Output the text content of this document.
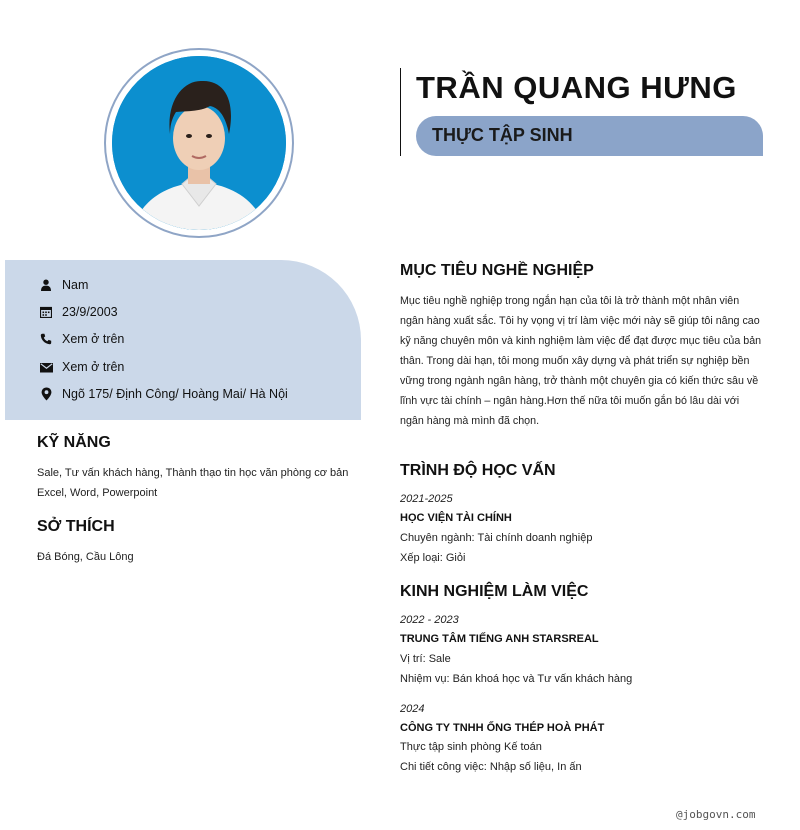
TRẦN QUANG HƯNG
THỰC TẬP SINH
Nam
23/9/2003
Xem ở trên
Xem ở trên
Ngõ 175/ Định Công/ Hoàng Mai/ Hà Nội
KỸ NĂNG
Sale, Tư vấn khách hàng, Thành thạo tin học văn phòng cơ bản Excel, Word, Powerpoint
SỞ THÍCH
Đá Bóng, Cầu Lông
MỤC TIÊU NGHỀ NGHIỆP
Mục tiêu nghề nghiệp trong ngắn hạn của tôi là trở thành một nhân viên ngân hàng xuất sắc. Tôi hy vọng vị trí làm việc mới này sẽ giúp tôi nâng cao kỹ năng chuyên môn và kinh nghiệm làm việc để đạt được mục tiêu của bản thân. Trong dài hạn, tôi mong muốn xây dựng và phát triển sự nghiệp bền vững trong ngành ngân hàng, trở thành một chuyên gia có kiến thức sâu về lĩnh vực tài chính – ngân hàng.Hơn thế nữa tôi muốn gắn bó lâu dài với ngân hàng mà mình đã chọn.
TRÌNH ĐỘ HỌC VẤN
2021-2025
HỌC VIỆN TÀI CHÍNH
Chuyên ngành: Tài chính doanh nghiệp
Xếp loại: Giỏi
KINH NGHIỆM LÀM VIỆC
2022 - 2023
TRUNG TÂM TIẾNG ANH STARSREAL
Vị trí: Sale
Nhiệm vụ: Bán khoá học và Tư vấn khách hàng
2024
CÔNG TY TNHH ỐNG THÉP HOÀ PHÁT
Thực tập sinh phòng Kế toán
Chi tiết công việc: Nhập số liệu, In ấn
@jobgovn.com
